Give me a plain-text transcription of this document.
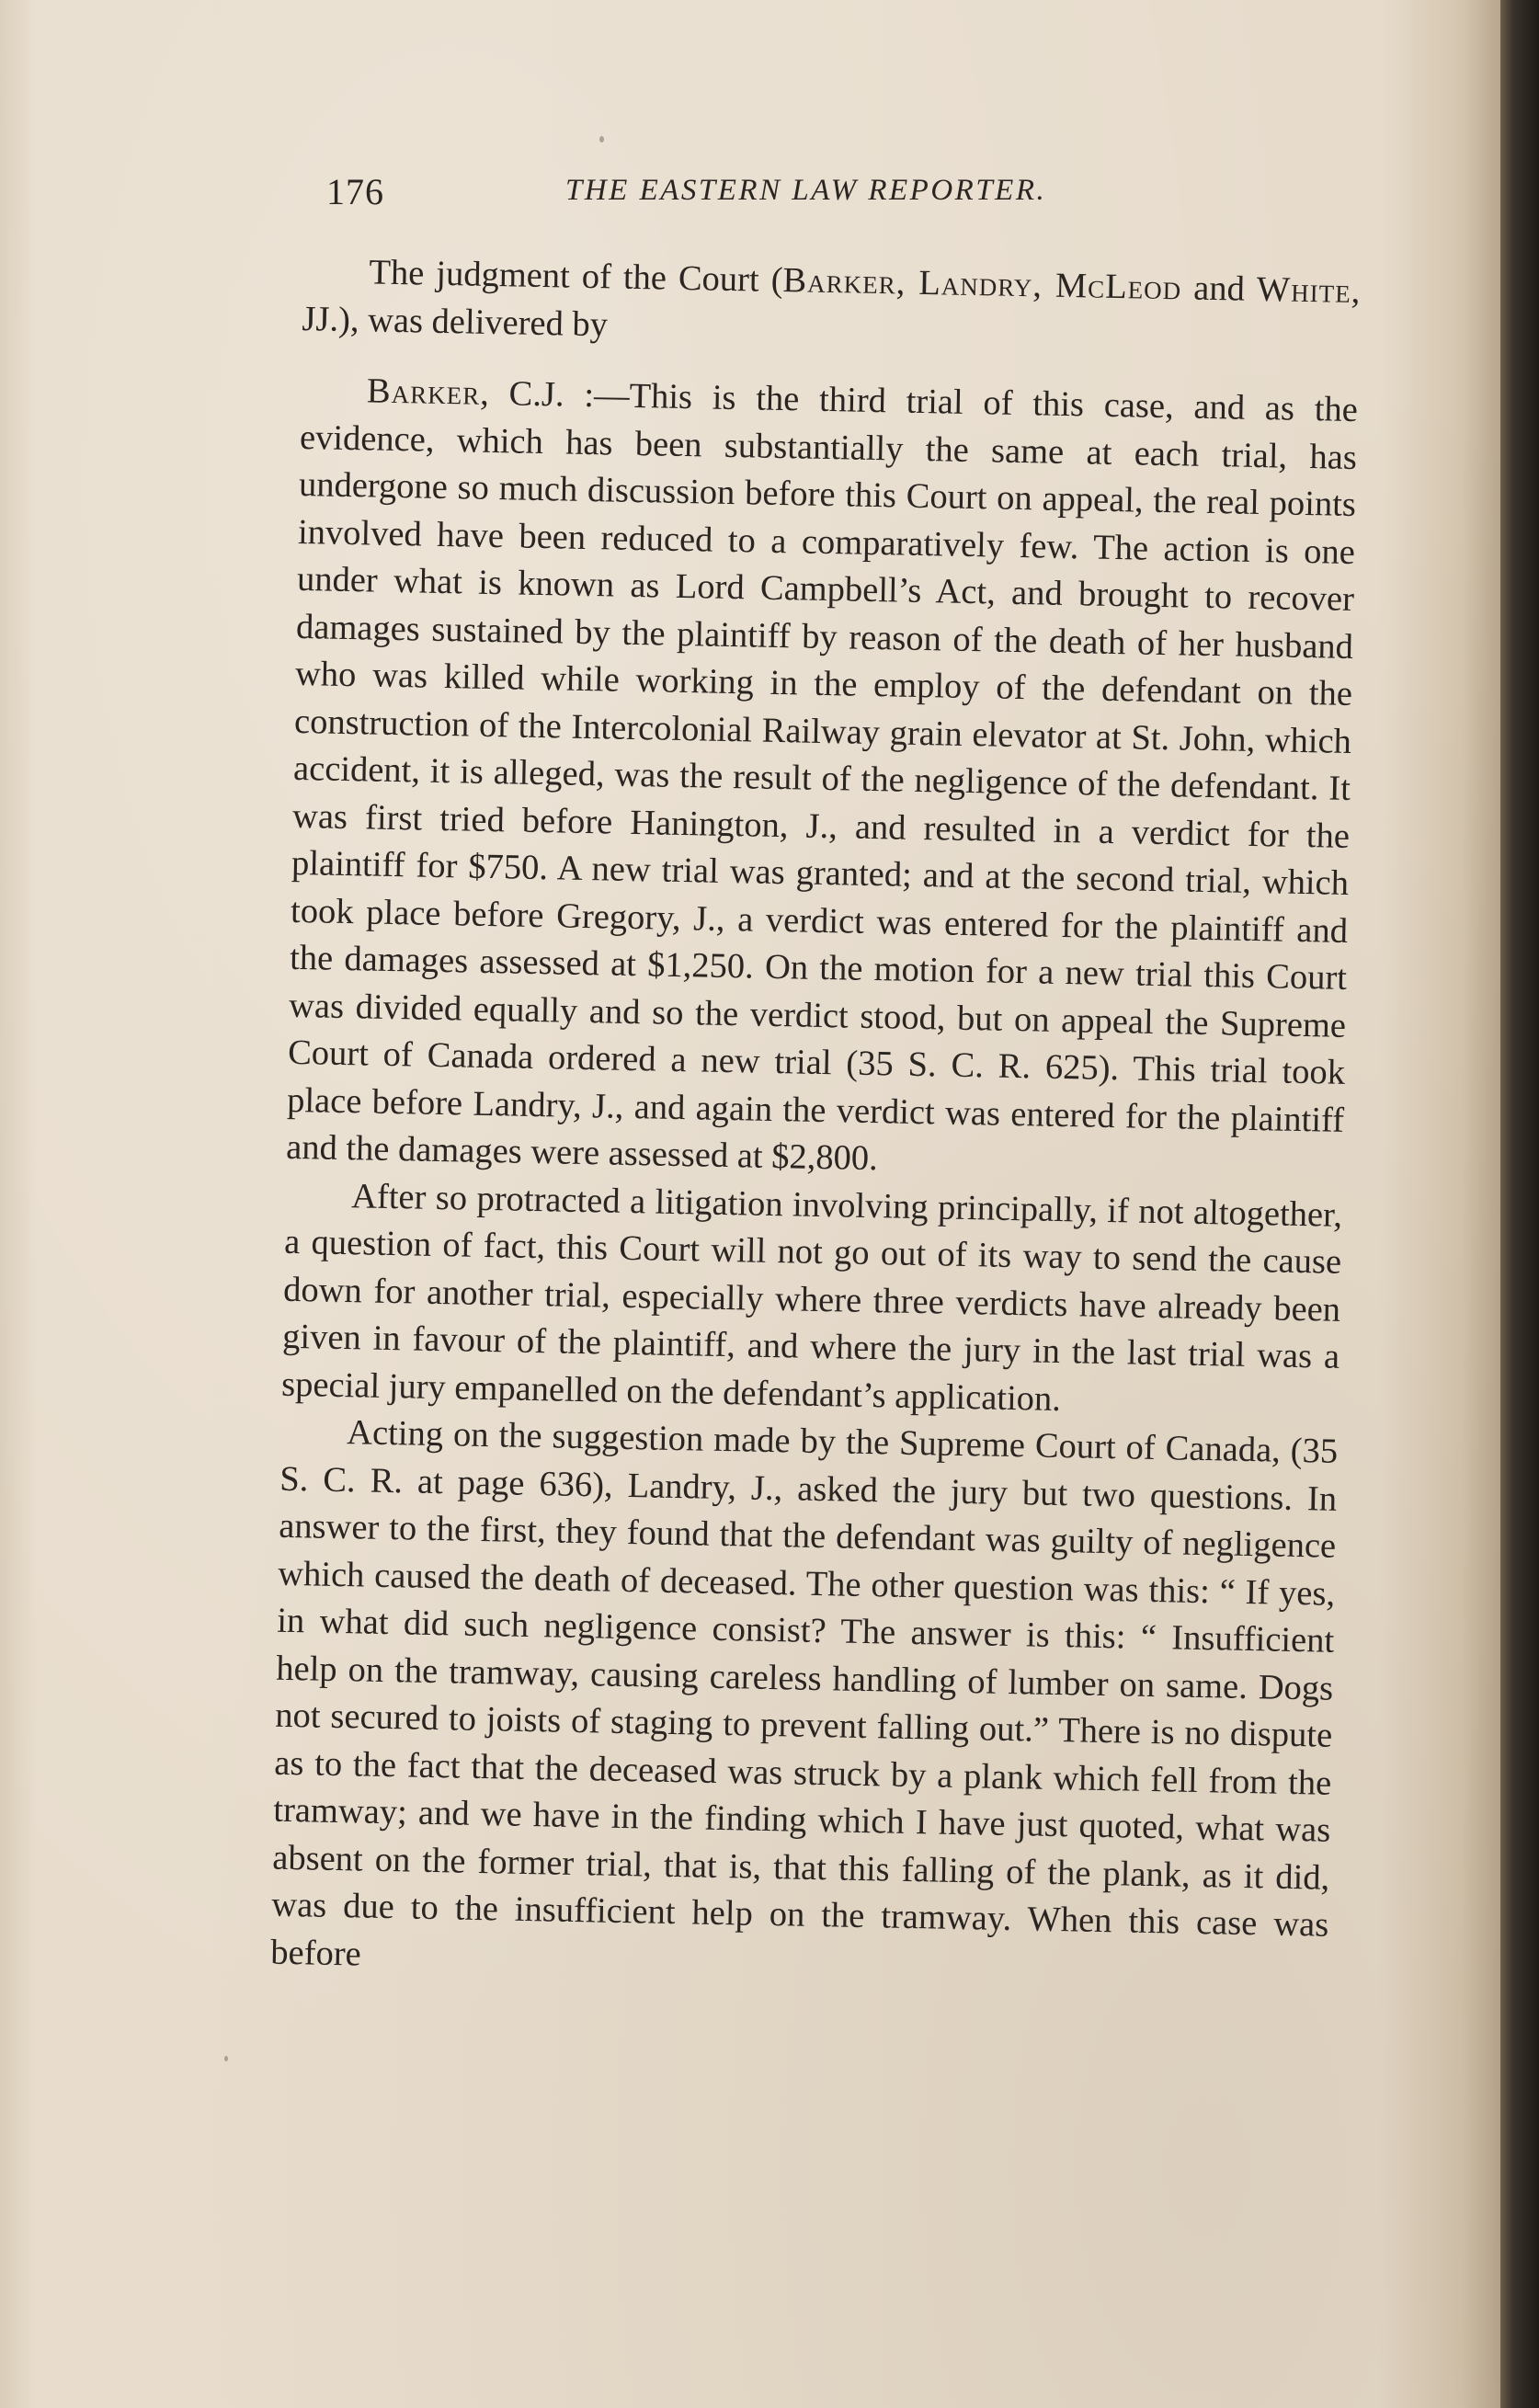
176	THE EASTERN LAW REPORTER.

The judgment of the Court (Barker, Landry, McLeod and White, JJ.), was delivered by

Barker, C.J. :—This is the third trial of this case, and as the evidence, which has been substantially the same at each trial, has undergone so much discussion before this Court on appeal, the real points involved have been reduced to a comparatively few. The action is one under what is known as Lord Campbell’s Act, and brought to recover damages sustained by the plaintiff by reason of the death of her husband who was killed while working in the employ of the defendant on the construction of the Intercolonial Railway grain elevator at St. John, which accident, it is alleged, was the result of the negligence of the defendant. It was first tried before Hanington, J., and resulted in a verdict for the plaintiff for $750. A new trial was granted; and at the second trial, which took place before Gregory, J., a verdict was entered for the plaintiff and the damages assessed at $1,250. On the motion for a new trial this Court was divided equally and so the verdict stood, but on appeal the Supreme Court of Canada ordered a new trial (35 S. C. R. 625). This trial took place before Landry, J., and again the verdict was entered for the plaintiff and the damages were assessed at $2,800.

After so protracted a litigation involving principally, if not altogether, a question of fact, this Court will not go out of its way to send the cause down for another trial, especially where three verdicts have already been given in favour of the plaintiff, and where the jury in the last trial was a special jury empanelled on the defendant’s application.

Acting on the suggestion made by the Supreme Court of Canada, (35 S. C. R. at page 636), Landry, J., asked the jury but two questions. In answer to the first, they found that the defendant was guilty of negligence which caused the death of deceased. The other question was this: “ If yes, in what did such negligence consist? The answer is this: “ Insufficient help on the tramway, causing careless handling of lumber on same. Dogs not secured to joists of staging to prevent falling out.” There is no dispute as to the fact that the deceased was struck by a plank which fell from the tramway; and we have in the finding which I have just quoted, what was absent on the former trial, that is, that this falling of the plank, as it did, was due to the insufficient help on the tramway. When this case was before
